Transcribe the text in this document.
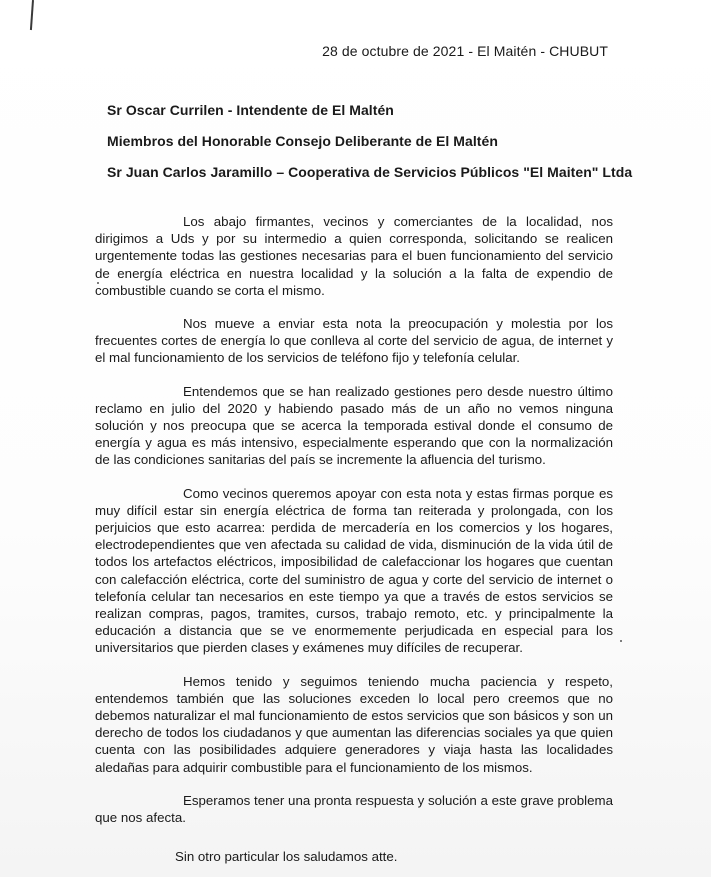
28 de octubre de 2021 - El Maitén - CHUBUT
Sr Oscar Currilen - Intendente de El Maltén
Miembros del Honorable Consejo Deliberante de El Maltén
Sr Juan Carlos Jaramillo – Cooperativa de Servicios Públicos "El Maiten" Ltda

Los abajo firmantes, vecinos y comerciantes de la localidad, nos dirigimos a Uds y por su intermedio a quien corresponda, solicitando se realicen urgentemente todas las gestiones necesarias para el buen funcionamiento del servicio de energía eléctrica en nuestra localidad y la solución a la falta de expendio de combustible cuando se corta el mismo.

Nos mueve a enviar esta nota la preocupación y molestia por los frecuentes cortes de energía lo que conlleva al corte del servicio de agua, de internet y el mal funcionamiento de los servicios de teléfono fijo y telefonía celular.

Entendemos que se han realizado gestiones pero desde nuestro último reclamo en julio del 2020 y habiendo pasado más de un año no vemos ninguna solución y nos preocupa que se acerca la temporada estival donde el consumo de energía y agua es más intensivo, especialmente esperando que con la normalización de las condiciones sanitarias del país se incremente la afluencia del turismo.

Como vecinos queremos apoyar con esta nota y estas firmas porque es muy difícil estar sin energía eléctrica de forma tan reiterada y prolongada, con los perjuicios que esto acarrea: perdida de mercadería en los comercios y los hogares, electrodependientes que ven afectada su calidad de vida, disminución de la vida útil de todos los artefactos eléctricos, imposibilidad de calefaccionar los hogares que cuentan con calefacción eléctrica, corte del suministro de agua y corte del servicio de internet o telefonía celular tan necesarios en este tiempo ya que a través de estos servicios se realizan compras, pagos, tramites, cursos, trabajo remoto, etc. y principalmente la educación a distancia que se ve enormemente perjudicada en especial para los universitarios que pierden clases y exámenes muy difíciles de recuperar.

Hemos tenido y seguimos teniendo mucha paciencia y respeto, entendemos también que las soluciones exceden lo local pero creemos que no debemos naturalizar el mal funcionamiento de estos servicios que son básicos y son un derecho de todos los ciudadanos y que aumentan las diferencias sociales ya que quien cuenta con las posibilidades adquiere generadores y viaja hasta las localidades aledañas para adquirir combustible para el funcionamiento de los mismos.

Esperamos tener una pronta respuesta y solución a este grave problema que nos afecta.

Sin otro particular los saludamos atte.
